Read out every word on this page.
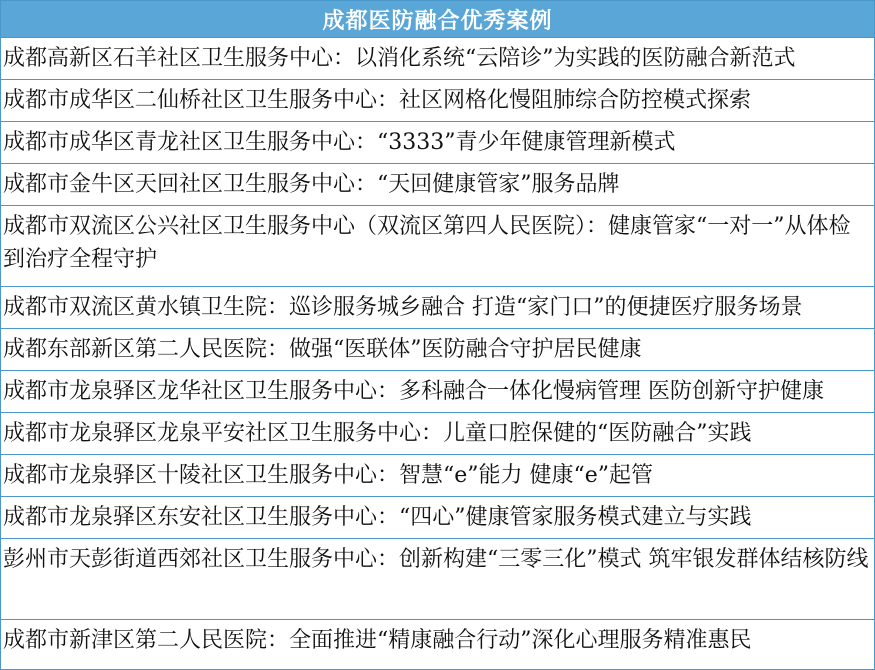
成都医防融合优秀案例
成都高新区石羊社区卫生服务中心：以消化系统“云陪诊”为实践的医防融合新范式
成都市成华区二仙桥社区卫生服务中心：社区网格化慢阻肺综合防控模式探索
成都市成华区青龙社区卫生服务中心：“3333”青少年健康管理新模式
成都市金牛区天回社区卫生服务中心：“天回健康管家”服务品牌
成都市双流区公兴社区卫生服务中心（双流区第四人民医院）：健康管家“一对一”从体检到治疗全程守护
成都市双流区黄水镇卫生院：巡诊服务城乡融合 打造“家门口”的便捷医疗服务场景
成都东部新区第二人民医院：做强“医联体”医防融合守护居民健康
成都市龙泉驿区龙华社区卫生服务中心：多科融合一体化慢病管理 医防创新守护健康
成都市龙泉驿区龙泉平安社区卫生服务中心：儿童口腔保健的“医防融合”实践
成都市龙泉驿区十陵社区卫生服务中心：智慧“e”能力 健康“e”起管
成都市龙泉驿区东安社区卫生服务中心：“四心”健康管家服务模式建立与实践
彭州市天彭街道西郊社区卫生服务中心：创新构建“三零三化”模式 筑牢银发群体结核防线
成都市新津区第二人民医院：全面推进“精康融合行动”深化心理服务精准惠民
